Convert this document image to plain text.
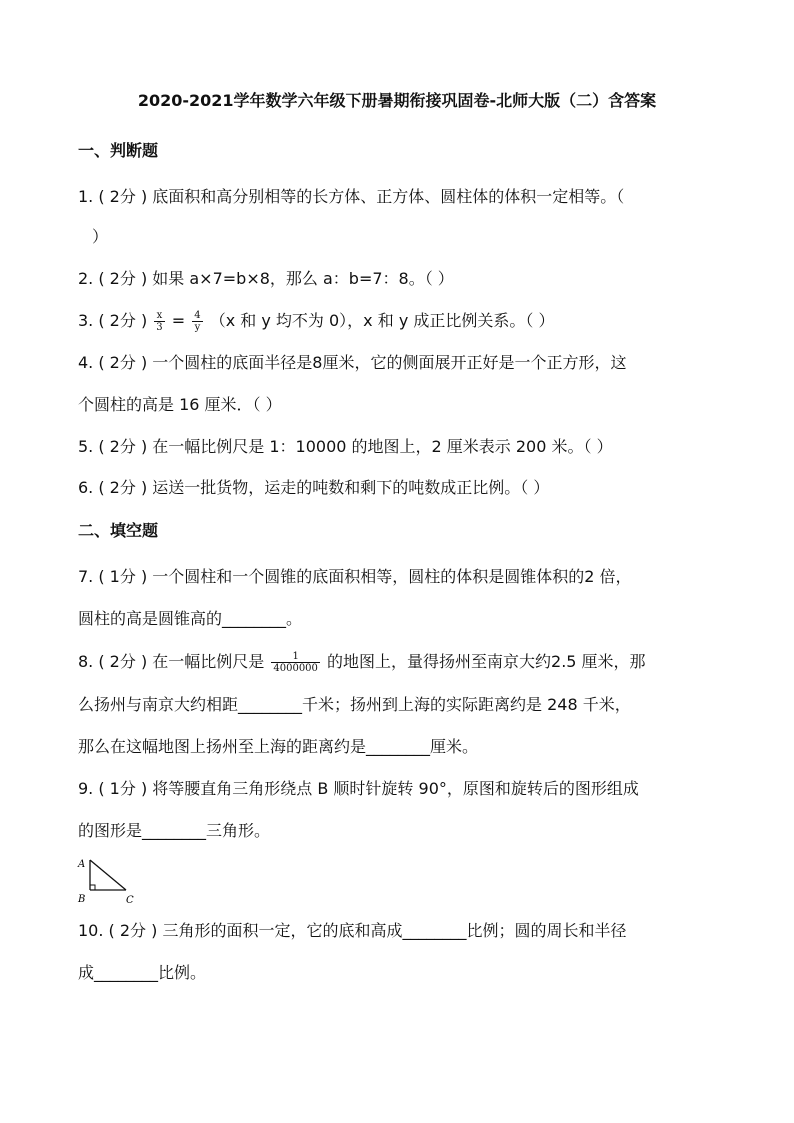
2020-2021学年数学六年级下册暑期衔接巩固卷-北师大版（二）含答案
一、判断题
1. ( 2分 ) 底面积和高分别相等的长方体、正方体、圆柱体的体积一定相等。（
）
2. ( 2分 ) 如果 a×7=b×8，那么 a：b=7：8。（ ）
3. ( 2分 ) $\frac{x}{3} = \frac{4}{y} (x$ 和 y 均不为 0），x 和 y 成正比例关系。（ ）
4. ( 2分 ) 一个圆柱的底面半径是8厘米，它的侧面展开正好是一个正方形，这
个圆柱的高是 16 厘米．（ ）
5. ( 2分 ) 在一幅比例尺是 1：10000 的地图上，2 厘米表示 200 米。（ ）
6. ( 2分 ) 运送一批货物，运走的吨数和剩下的吨数成正比例。（ ）
二、填空题
7. ( 1分 ) 一个圆柱和一个圆锥的底面积相等，圆柱的体积是圆锥体积的2 倍，
圆柱的高是圆锥高的________。
8. ( 2分 ) 在一幅比例尺是 $\frac{1}{4000000}$ 的地图上，量得扬州至南京大约2.5 厘米，那
么扬州与南京大约相距________千米；扬州到上海的实际距离约是 248 千米，
那么在这幅地图上扬州至上海的距离约是________厘米。
9. ( 1分 ) 将等腰直角三角形绕点 B 顺时针旋转 90°，原图和旋转后的图形组成
的图形是________三角形。
A
B	C
10. ( 2分 ) 三角形的面积一定，它的底和高成________比例；圆的周长和半径
成________比例。
